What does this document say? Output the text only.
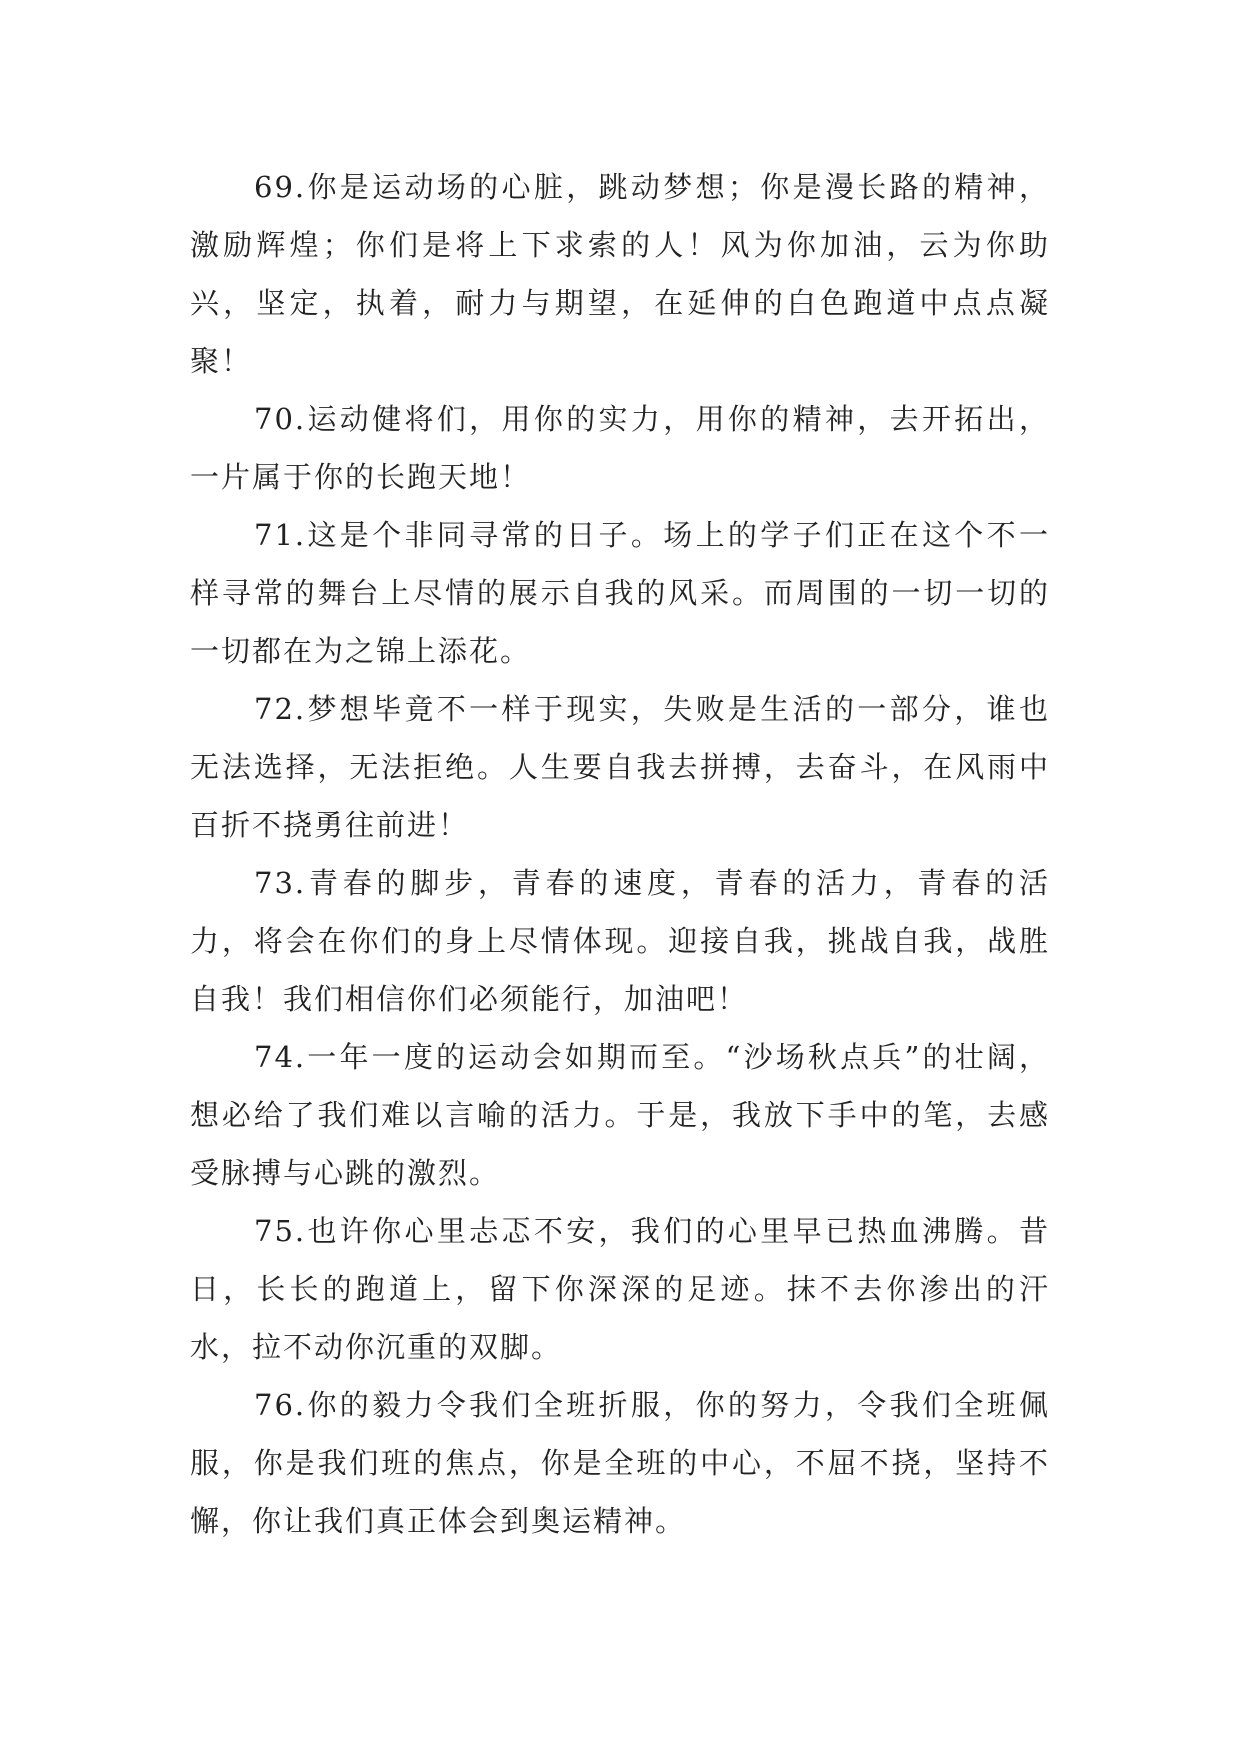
69.你是运动场的心脏，跳动梦想；你是漫长路的精神，激励辉煌；你们是将上下求索的人！风为你加油，云为你助兴，坚定，执着，耐力与期望，在延伸的白色跑道中点点凝聚！

70.运动健将们，用你的实力，用你的精神，去开拓出，一片属于你的长跑天地！

71.这是个非同寻常的日子。场上的学子们正在这个不一样寻常的舞台上尽情的展示自我的风采。而周围的一切一切的一切都在为之锦上添花。

72.梦想毕竟不一样于现实，失败是生活的一部分，谁也无法选择，无法拒绝。人生要自我去拼搏，去奋斗，在风雨中百折不挠勇往前进！

73.青春的脚步，青春的速度，青春的活力，青春的活力，将会在你们的身上尽情体现。迎接自我，挑战自我，战胜自我！我们相信你们必须能行，加油吧！

74.一年一度的运动会如期而至。“沙场秋点兵”的壮阔，想必给了我们难以言喻的活力。于是，我放下手中的笔，去感受脉搏与心跳的激烈。

75.也许你心里忐忑不安，我们的心里早已热血沸腾。昔日，长长的跑道上，留下你深深的足迹。抹不去你渗出的汗水，拉不动你沉重的双脚。

76.你的毅力令我们全班折服，你的努力，令我们全班佩服，你是我们班的焦点，你是全班的中心，不屈不挠，坚持不懈，你让我们真正体会到奥运精神。
